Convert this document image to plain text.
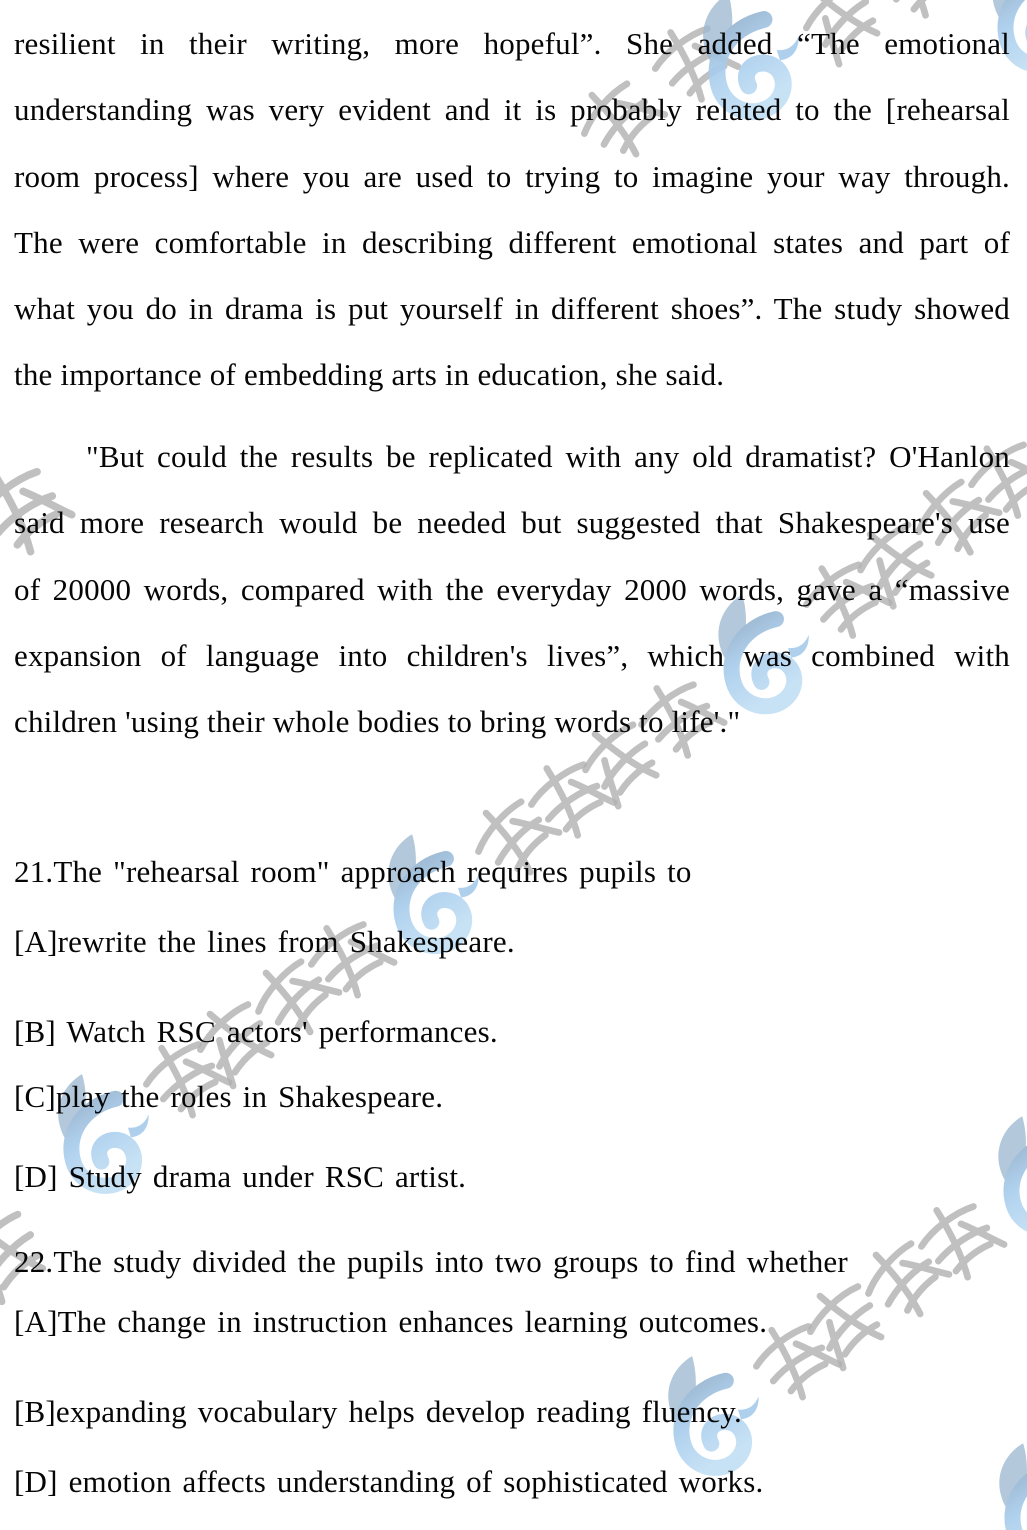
resilient in their writing, more hopeful”. She added “The emotional
understanding was very evident and it is probably related to the [rehearsal
room process] where you are used to trying to imagine your way through.
The were comfortable in describing different emotional states and part of
what you do in drama is put yourself in different shoes”. The study showed
the importance of embedding arts in education, she said.
"But could the results be replicated with any old dramatist? O'Hanlon
said more research would be needed but suggested that Shakespeare's use
of 20000 words, compared with the everyday 2000 words, gave a “massive
expansion of language into children's lives”, which was combined with
children 'using their whole bodies to bring words to life'."
21.The "rehearsal room" approach requires pupils to
[A]rewrite the lines from Shakespeare.
[B] Watch RSC actors' performances.
[C]play the roles in Shakespeare.
[D] Study drama under RSC artist.
22.The study divided the pupils into two groups to find whether
[A]The change in instruction enhances learning outcomes.
[B]expanding vocabulary helps develop reading fluency.
[D] emotion affects understanding of sophisticated works.
